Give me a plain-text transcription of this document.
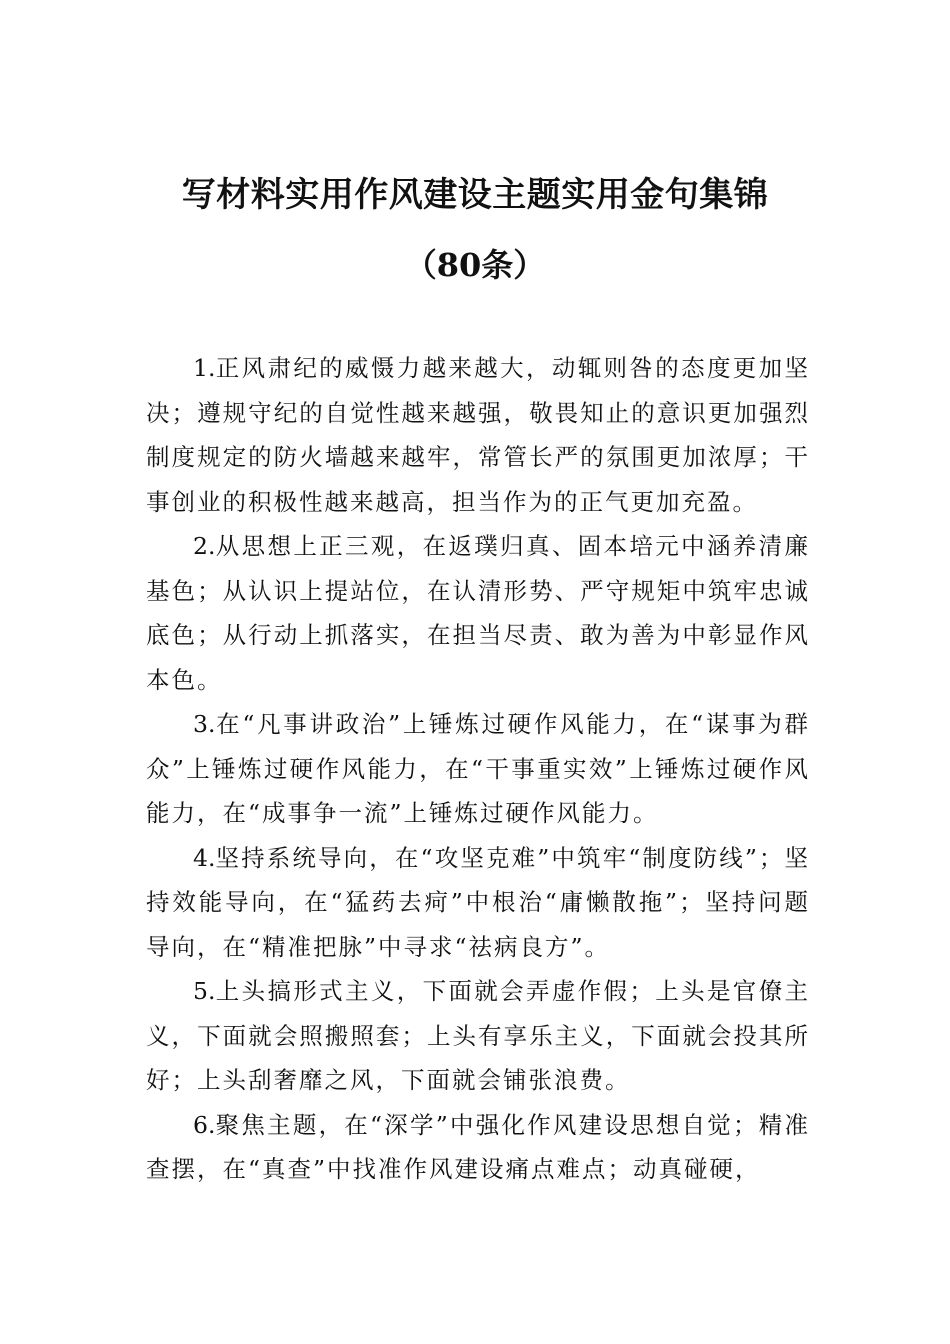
写材料实用作风建设主题实用金句集锦
（80条）

1.正风肃纪的威慑力越来越大，动辄则咎的态度更加坚决；遵规守纪的自觉性越来越强，敬畏知止的意识更加强烈制度规定的防火墙越来越牢，常管长严的氛围更加浓厚；干事创业的积极性越来越高，担当作为的正气更加充盈。

2.从思想上正三观，在返璞归真、固本培元中涵养清廉基色；从认识上提站位，在认清形势、严守规矩中筑牢忠诚底色；从行动上抓落实，在担当尽责、敢为善为中彰显作风本色。

3.在“凡事讲政治”上锤炼过硬作风能力，在“谋事为群众”上锤炼过硬作风能力，在“干事重实效”上锤炼过硬作风能力，在“成事争一流”上锤炼过硬作风能力。

4.坚持系统导向，在“攻坚克难”中筑牢“制度防线”；坚持效能导向，在“猛药去疴”中根治“庸懒散拖”；坚持问题导向，在“精准把脉”中寻求“祛病良方”。

5.上头搞形式主义，下面就会弄虚作假；上头是官僚主义，下面就会照搬照套；上头有享乐主义，下面就会投其所好；上头刮奢靡之风，下面就会铺张浪费。

6.聚焦主题，在“深学”中强化作风建设思想自觉；精准查摆，在“真查”中找准作风建设痛点难点；动真碰硬，
